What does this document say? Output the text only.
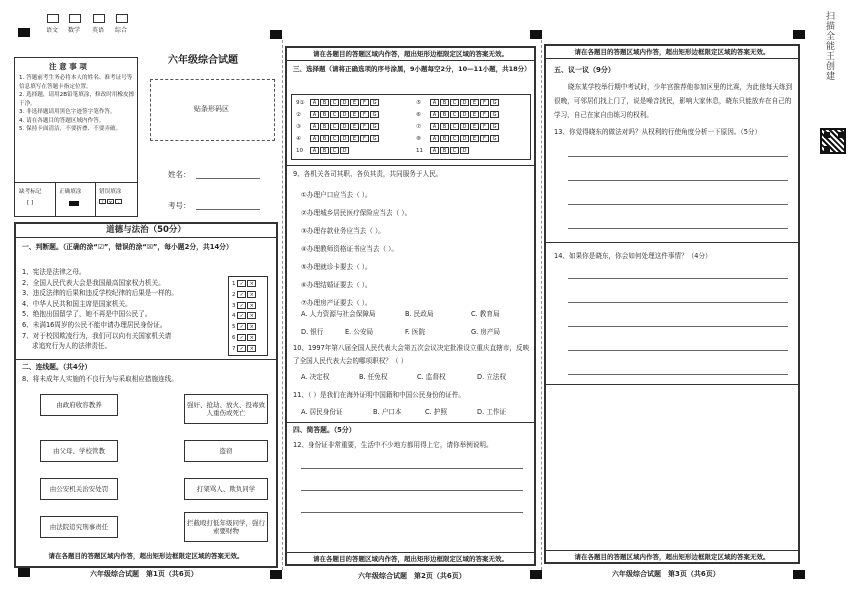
语文 数学 英语 综合
注 意 事 项

1. 答题前考生务必将本人的姓名、准考证号等信息填写在答题卡指定位置。

2. 选择题，请用2B铅笔填涂，修改时用橡皮擦干净。

3. 非选择题请用黑色字迹签字笔作答。

4. 请在各题目的答题区域内作答。

5. 保持卡面清洁，不要折叠、不要弄破。

缺考标记
[ ]
正确填涂	错误填涂
/ × ·
六年级综合试题
贴条形码区
姓名：
考号：
道德与法治（50分）
一、判断题。（正确的涂“☑”，错误的涂“☒”，每小题2分，共14分）

1、宪法是法律之母。

2、全国人民代表大会是我国最高国家权力机关。

3、违反法律的后果和违反学校纪律的后果是一样的。

4、中华人民共和国主席是国家机关。

5、绝抱出国留学了，她不再是中国公民了。

6、未满16周岁的公民不能申请办理居民身份证。

7、对于校园欺凌行为，我们可以向有关国家机关请

求追究行为人的法律责任。

1 ✓ ×
2 ✓ ×
3 ✓ ×
4 ✓ ×
5 ✓ ×
6 ✓ ×
7 ✓ ×
二、连线题。（共4分）
8、将未成年人实施的不良行为与采取相应措施连线。
由政府收容教养
由父母、学校管教
由公安机关治安处罚
由法院追究刑事责任
强奸、抢劫、放火、投毒致人重伤或死亡
盗窃
打架骂人、欺负同学
拦截殴打低年级同学，强行索要财物
请在各题目的答题区域内作答，超出矩形边框限定区域的答案无效。
六年级综合试题　第1页（共6页）
请在各题目的答题区域内作答，超出矩形边框限定区域的答案无效。
三、选择题（请将正确选项的序号涂黑，9小题每空2分，10—11小题，共18分）
9① A B C D E F G	⑤ A B C D E F G
② A B C D E F G	⑥ A B C D E F G
③ A B C D E F G	⑦ A B C D E F G
④ A B C D E F G	⑧ A B C D E F G
10 A B C D	11 A B C D
9、各机关各司其职、各负其责，共同服务于人民。

①办理户口应当去（ ）。

②办理城乡居民医疗保险应当去（ ）。

③办理存款业务应当去（ ）。

④办理教师资格证书应当去（ ）。

⑤办理就诊卡要去（ ）。

⑥办理结婚证要去（ ）。

⑦办理房产证要去（ ）。

A. 人力资源与社会保障局	B. 民政局	C. 教育局
D. 银行	E. 公安局	F. 医院	G. 房产局
10、1997年第八届全国人民代表大会第五次会议决定批准设立重庆直辖市，反映了全国人民代表大会的哪项职权？（ ）
A. 决定权	B. 任免权	C. 监督权	D. 立法权
11、（ ）是我们在海外证明中国籍和中国公民身份的证件。
A. 居民身份证	B. 户口本	C. 护照	D. 工作证
四、简答题。（5分）
12、身份证非常重要，生活中不少地方都用得上它，请你举例说明。
请在各题目的答题区域内作答，超出矩形边框限定区域的答案无效。
六年级综合试题　第2页（共6页）
请在各题目的答题区域内作答，超出矩形边框限定区域的答案无效。
五、议一议（9分）
晓东某学校举行期中考试时，少年宫推荐他参加区里的比赛，为此他每天练到很晚，可邻居们找上门了，说是噪音扰民，影响大家休息，晓东只能放弃在自己的学习，自己在家自由练习的权利。
13、你觉得晓东的做法对吗？从权利的行使角度分析一下原因。（5分）
14、如果你是晓东，你会如何处理这件事情？（4分）
请在各题目的答题区域内作答，超出矩形边框限定区域的答案无效。
六年级综合试题　第3页（共6页）
扫描全能王 创建
